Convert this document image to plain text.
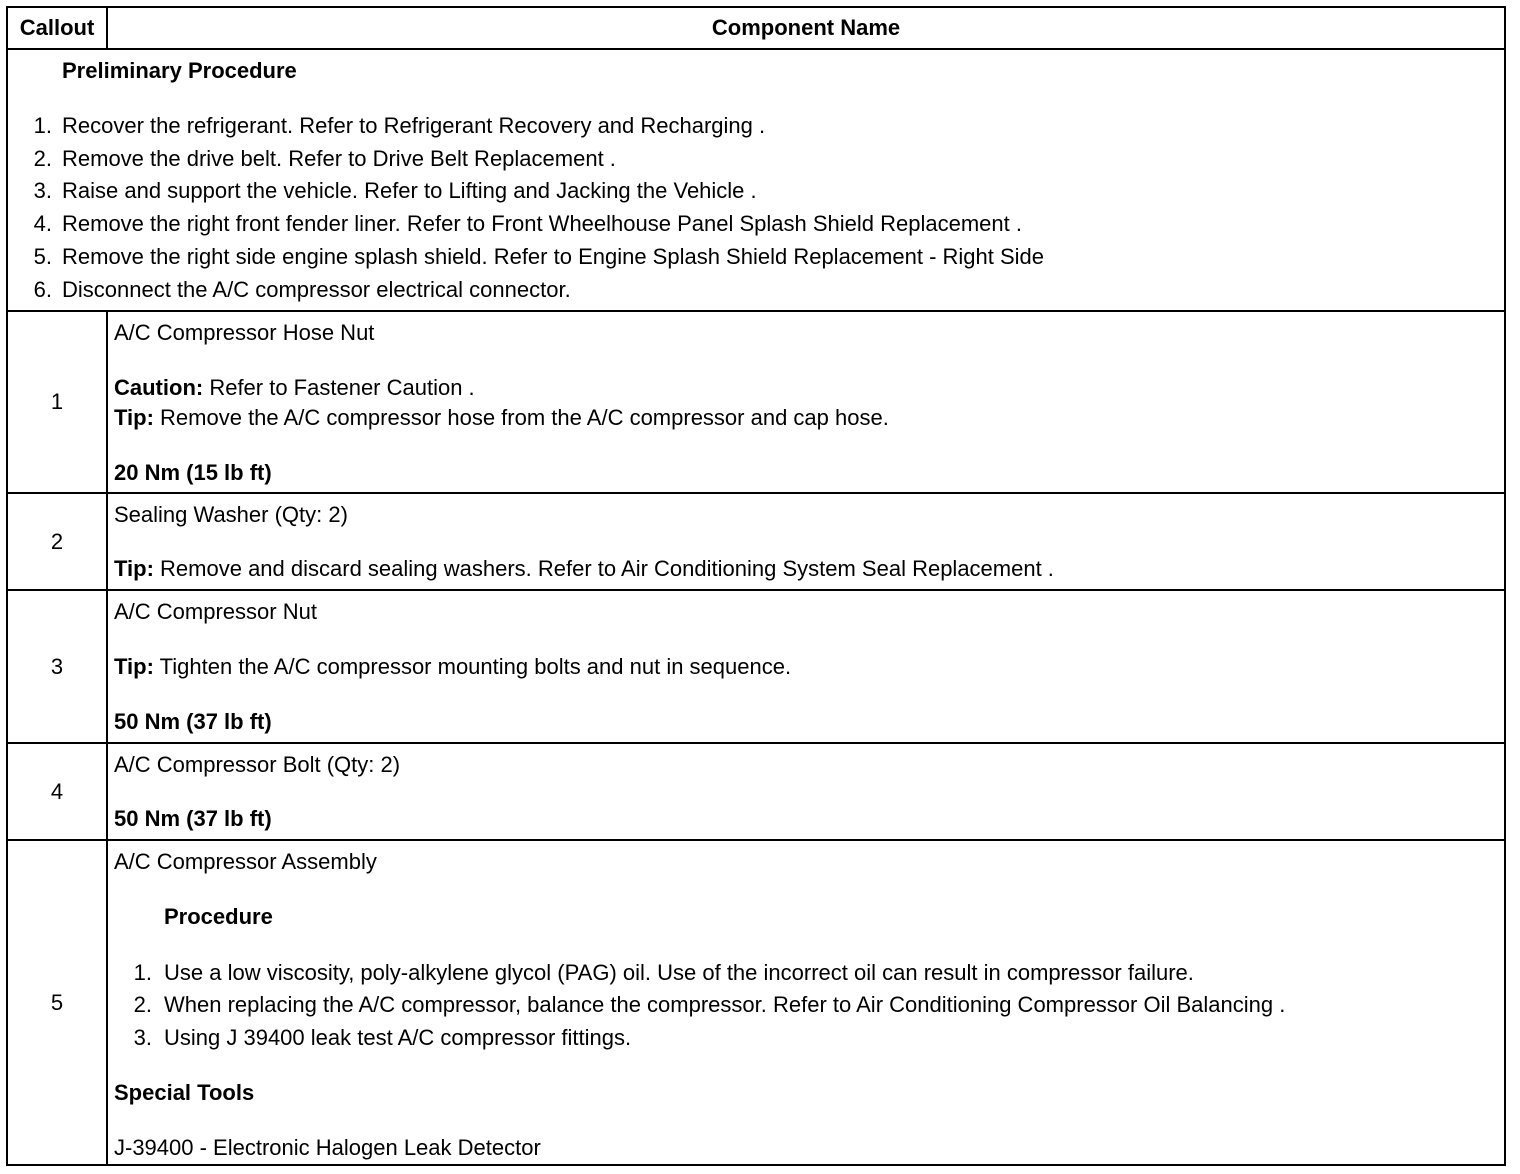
Callout	Component Name
Preliminary Procedure
1. Recover the refrigerant. Refer to Refrigerant Recovery and Recharging .
2. Remove the drive belt. Refer to Drive Belt Replacement .
3. Raise and support the vehicle. Refer to Lifting and Jacking the Vehicle .
4. Remove the right front fender liner. Refer to Front Wheelhouse Panel Splash Shield Replacement .
5. Remove the right side engine splash shield. Refer to Engine Splash Shield Replacement - Right Side
6. Disconnect the A/C compressor electrical connector.
1
A/C Compressor Hose Nut
Caution: Refer to Fastener Caution .
Tip: Remove the A/C compressor hose from the A/C compressor and cap hose.
20 Nm (15 lb ft)
2
Sealing Washer (Qty: 2)
Tip: Remove and discard sealing washers. Refer to Air Conditioning System Seal Replacement .
3
A/C Compressor Nut
Tip: Tighten the A/C compressor mounting bolts and nut in sequence.
50 Nm (37 lb ft)
4
A/C Compressor Bolt (Qty: 2)
50 Nm (37 lb ft)
5
A/C Compressor Assembly
Procedure
1. Use a low viscosity, poly-alkylene glycol (PAG) oil. Use of the incorrect oil can result in compressor failure.
2. When replacing the A/C compressor, balance the compressor. Refer to Air Conditioning Compressor Oil Balancing .
3. Using J 39400 leak test A/C compressor fittings.
Special Tools
J-39400 - Electronic Halogen Leak Detector
